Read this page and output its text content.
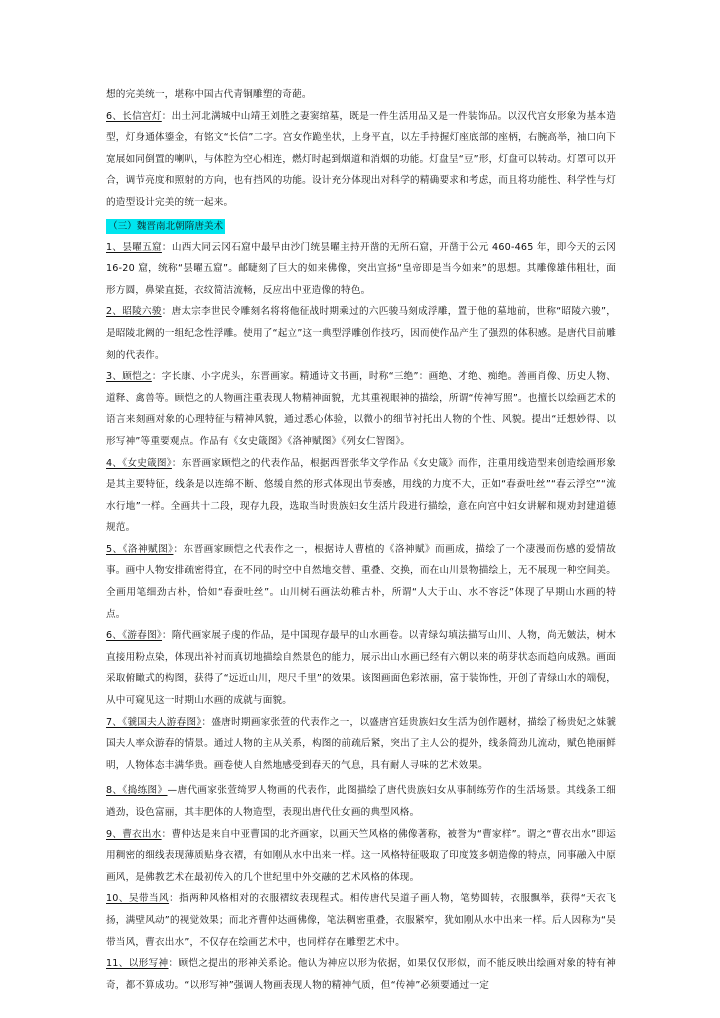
想的完美统一，堪称中国古代青铜雕塑的奇葩。

6、长信宫灯：出土河北满城中山靖王刘胜之妻窦绾墓，既是一件生活用品又是一件装饰品。以汉代宫女形象为基本造型，灯身通体鎏金，有铭文“长信”二字。宫女作跪坐状，上身平直，以左手持握灯座底部的座柄，右腕高举，袖口向下宽展如同倒置的喇叭，与体腔为空心相连，燃灯时起到烟道和消烟的功能。灯盘呈“豆”形，灯盘可以转动。灯罩可以开合，调节亮度和照射的方向，也有挡风的功能。设计充分体现出对科学的精确要求和考虑，而且将功能性、科学性与灯的造型设计完美的统一起来。

（三）魏晋南北朝隋唐美术

1、昙曜五窟：山西大同云冈石窟中最早由沙门统昙曜主持开凿的无所石窟，开凿于公元 460-465 年，即今天的云冈 16-20 窟，统称“昙曜五窟”。邮睫刻了巨大的如来佛像，突出宣扬“皇帝即是当今如来”的思想。其雕像雄伟粗壮，面形方圆，鼻梁直挺，衣纹简洁流畅，反应出中亚造像的特色。

2、昭陵六骏：唐太宗李世民令雕刻名将将他征战时期乘过的六匹骏马刻成浮雕，置于他的墓地前，世称“昭陵六骏”，是昭陵北阙的一组纪念性浮雕。使用了“起立”这一典型浮雕创作技巧，因而使作品产生了强烈的体积感。是唐代目前雕刻的代表作。

3、顾恺之：字长康、小字虎头，东晋画家。精通诗文书画，时称“三绝”：画绝、才绝、痴绝。善画肖像、历史人物、道释、禽兽等。顾恺之的人物画注重表现人物精神面貌，尤其重视眼神的描绘，所谓“传神写照”。也擅长以绘画艺术的语言来刻画对象的心理特征与精神风貌，通过悉心体验，以微小的细节衬托出人物的个性、风貌。提出“迁想妙得、以形写神”等重要观点。作品有《女史箴图》《洛神赋图》《列女仁智图》。

4、《女史箴图》：东晋画家顾恺之的代表作品，根据西晋张华文学作品《女史箴》而作，注重用线造型来创造绘画形象是其主要特征，线条是以连绵不断、悠缓自然的形式体现出节奏感，用线的力度不大，正如“春蚕吐丝”“春云浮空”“流水行地”一样。全画共十二段，现存九段，选取当时贵族妇女生活片段进行描绘，意在向宫中妇女讲解和规劝封建道德规范。

5、《洛神赋图》：东晋画家顾恺之代表作之一，根据诗人曹植的《洛神赋》而画成，描绘了一个凄漫而伤感的爱情故事。画中人物安排疏密得宜，在不同的时空中自然地交替、重叠、交换，而在山川景物描绘上，无不展现一种空间美。全画用笔细劲古朴，恰如“春蚕吐丝”。山川树石画法幼稚古朴，所谓“人大于山、水不容泛”体现了早期山水画的特点。

6、《游春图》：隋代画家展子虔的作品，是中国现存最早的山水画卷。以青绿勾填法描写山川、人物，尚无皴法，树木直接用粉点染，体现出补衬而真切地描绘自然景色的能力，展示出山水画已经有六朝以来的萌芽状态而趋向成熟。画面采取俯瞰式的构图，获得了“远近山川，咫尺千里”的效果。该图画面色彩浓丽，富于装饰性，开创了青绿山水的端倪，从中可窥见这一时期山水画的成就与面貌。

7、《虢国夫人游春图》：盛唐时期画家张萱的代表作之一，以盛唐宫廷贵族妇女生活为创作题材，描绘了杨贵妃之妹虢国夫人率众游春的情景。通过人物的主从关系，构图的前疏后紧，突出了主人公的提外，线条简劲儿流动，赋色艳丽鲜明，人物体态丰满华贵。画卷使人自然地感受到春天的气息，具有耐人寻味的艺术效果。

8、《捣练图》—唐代画家张萱绮罗人物画的代表作，此图描绘了唐代贵族妇女从事制练劳作的生活场景。其线条工细遒劲，设色富丽，其丰肥体的人物造型，表现出唐代仕女画的典型风格。

9、曹衣出水：曹仲达是来自中亚曹国的北齐画家，以画天竺风格的佛像著称，被誉为“曹家样”。谓之“曹衣出水”即运用稠密的细线表现薄质贴身衣褶，有如刚从水中出来一样。这一风格特征吸取了印度笈多朝造像的特点，同事融入中原画风，是佛教艺术在最初传入的几个世纪里中外交融的艺术风格的体现。

10、吴带当风：指两种风格相对的衣服褶纹表现程式。相传唐代吴道子画人物，笔势圆转，衣服飘举，获得“天衣飞扬，满壁风动”的视觉效果；而北齐曹仲达画佛像，笔法稠密重叠，衣服紧窄，犹如刚从水中出来一样。后人因称为“吴带当风，曹衣出水”，不仅存在绘画艺术中，也同样存在雕塑艺术中。

11、以形写神：顾恺之提出的形神关系论。他认为神应以形为依据，如果仅仅形似，而不能反映出绘画对象的特有神奇，都不算成功。“以形写神”强调人物画表现人物的精神气质，但“传神”必须要通过一定
